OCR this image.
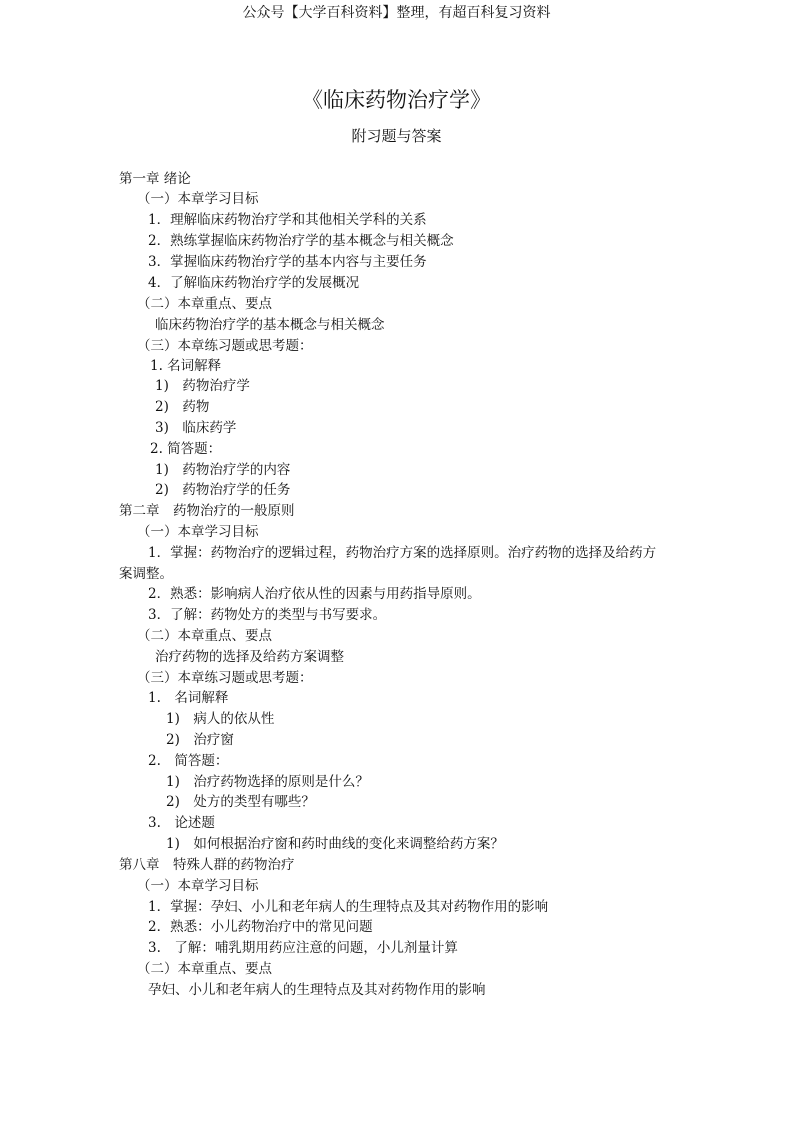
公众号【大学百科资料】整理，有超百科复习资料
《临床药物治疗学》
附习题与答案
第一章 绪论
（一）本章学习目标
1．理解临床药物治疗学和其他相关学科的关系
2．熟练掌握临床药物治疗学的基本概念与相关概念
3．掌握临床药物治疗学的基本内容与主要任务
4．了解临床药物治疗学的发展概况
（二）本章重点、要点
临床药物治疗学的基本概念与相关概念
（三）本章练习题或思考题：
1. 名词解释
1)　药物治疗学
2)　药物
3)　临床药学
2. 简答题：
1)　药物治疗学的内容
2)　药物治疗学的任务
第二章　药物治疗的一般原则
（一）本章学习目标
1．掌握：药物治疗的逻辑过程，药物治疗方案的选择原则。治疗药物的选择及给药方
案调整。
2．熟悉：影响病人治疗依从性的因素与用药指导原则。
3．了解：药物处方的类型与书写要求。
（二）本章重点、要点
治疗药物的选择及给药方案调整
（三）本章练习题或思考题：
1.　名词解释
1)　病人的依从性
2)　治疗窗
2.　简答题：
1)　治疗药物选择的原则是什么？
2)　处方的类型有哪些？
3.　论述题
1)　如何根据治疗窗和药时曲线的变化来调整给药方案？
第八章　特殊人群的药物治疗
（一）本章学习目标
1．掌握：孕妇、小儿和老年病人的生理特点及其对药物作用的影响
2．熟悉：小儿药物治疗中的常见问题
3.　了解：哺乳期用药应注意的问题，小儿剂量计算
（二）本章重点、要点
孕妇、小儿和老年病人的生理特点及其对药物作用的影响
